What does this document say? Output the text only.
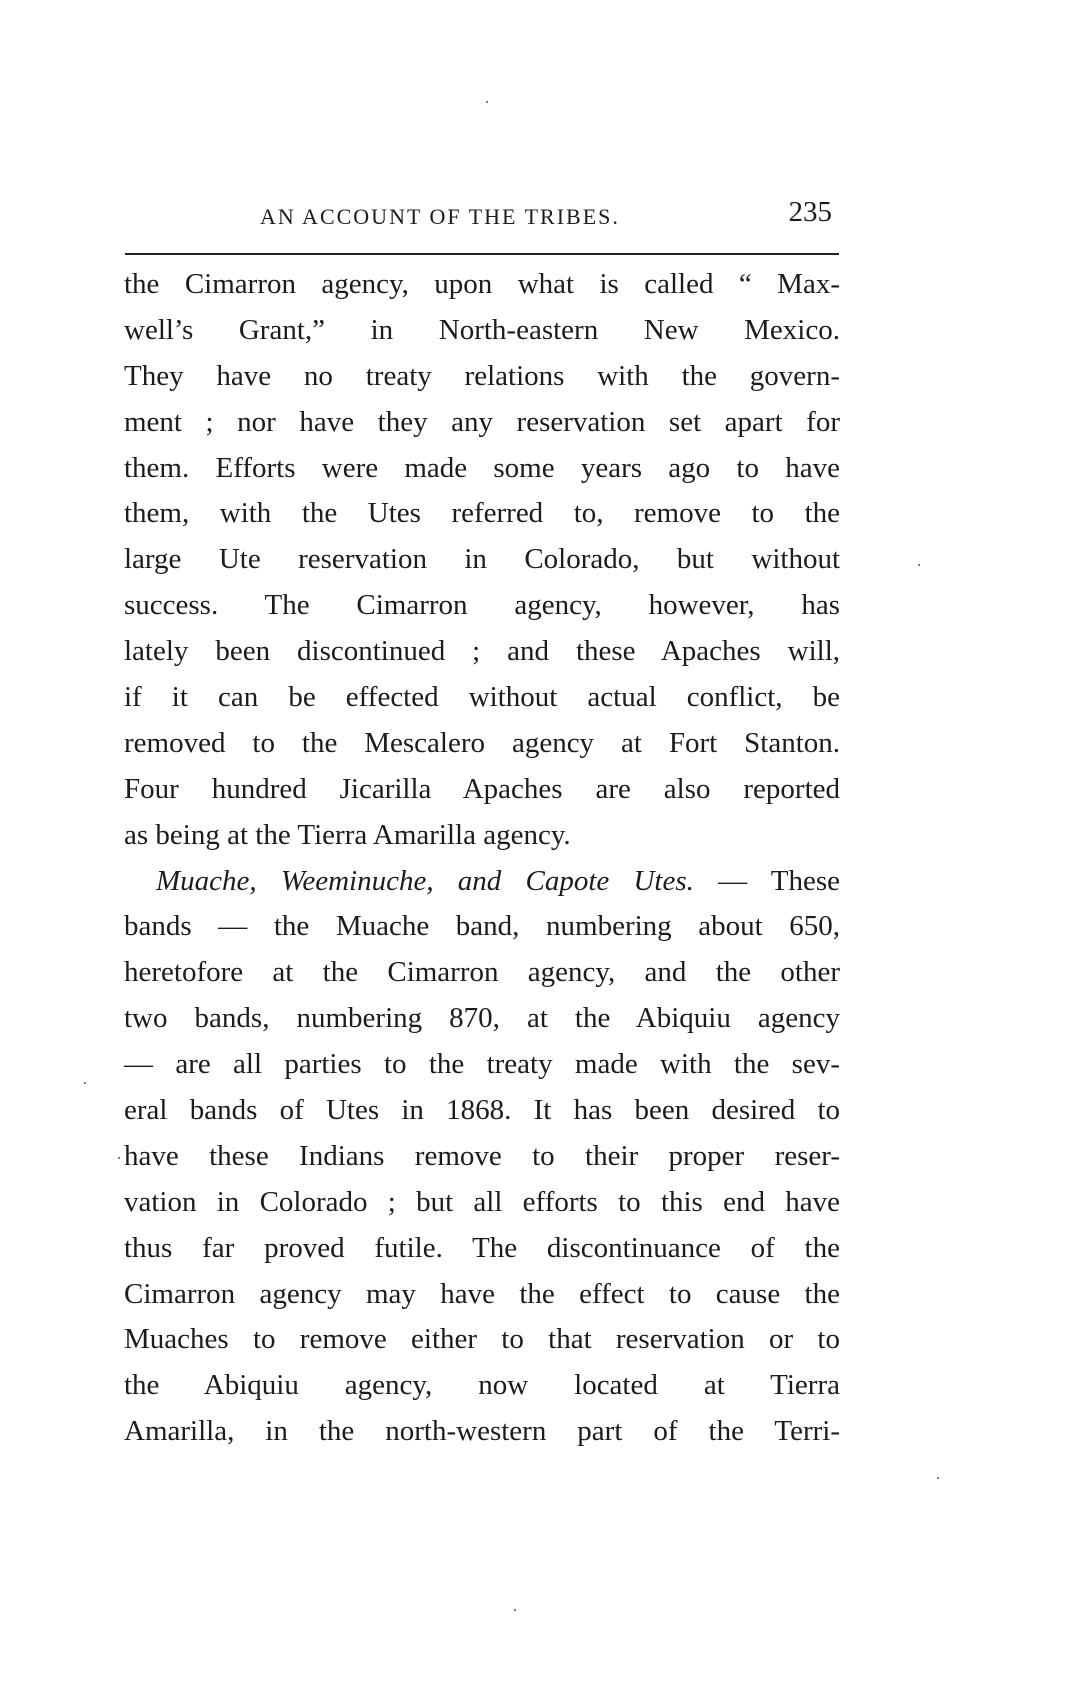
AN ACCOUNT OF THE TRIBES.	235
the Cimarron agency, upon what is called “ Max-
well’s Grant,” in North-eastern New Mexico.
They have no treaty relations with the govern-
ment ; nor have they any reservation set apart for
them. Efforts were made some years ago to have
them, with the Utes referred to, remove to the
large Ute reservation in Colorado, but without
success. The Cimarron agency, however, has
lately been discontinued ; and these Apaches will,
if it can be effected without actual conflict, be
removed to the Mescalero agency at Fort Stanton.
Four hundred Jicarilla Apaches are also reported
as being at the Tierra Amarilla agency.
Muache, Weeminuche, and Capote Utes. — These
bands — the Muache band, numbering about 650,
heretofore at the Cimarron agency, and the other
two bands, numbering 870, at the Abiquiu agency
— are all parties to the treaty made with the sev-
eral bands of Utes in 1868. It has been desired to
have these Indians remove to their proper reser-
vation in Colorado ; but all efforts to this end have
thus far proved futile. The discontinuance of the
Cimarron agency may have the effect to cause the
Muaches to remove either to that reservation or to
the Abiquiu agency, now located at Tierra
Amarilla, in the north-western part of the Terri-
